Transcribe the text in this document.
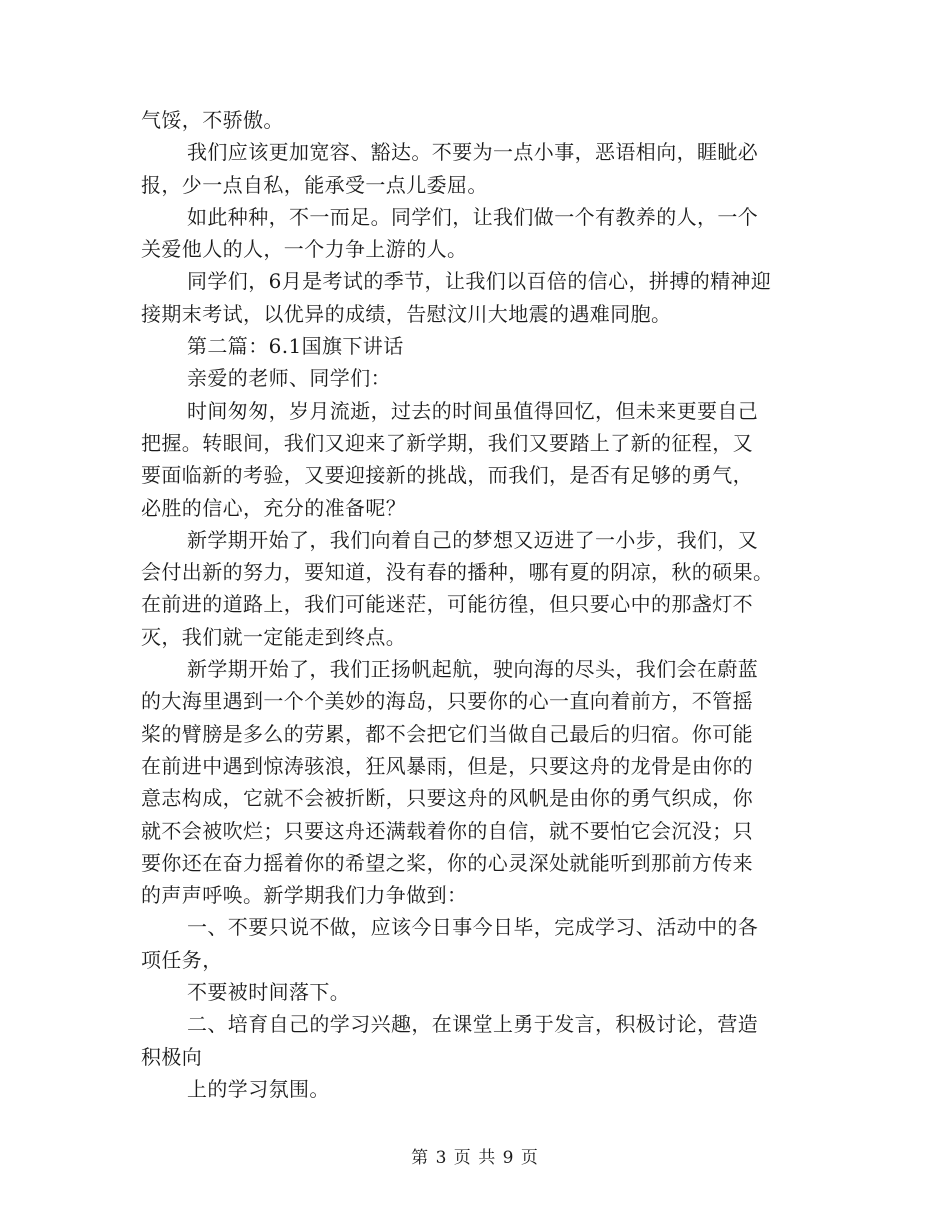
气馁，不骄傲。
我们应该更加宽容、豁达。不要为一点小事，恶语相向，睚眦必
报，少一点自私，能承受一点儿委屈。
如此种种，不一而足。同学们，让我们做一个有教养的人，一个
关爱他人的人，一个力争上游的人。
同学们，6月是考试的季节，让我们以百倍的信心，拼搏的精神迎
接期末考试，以优异的成绩，告慰汶川大地震的遇难同胞。
第二篇：6.1国旗下讲话
亲爱的老师、同学们：
时间匆匆，岁月流逝，过去的时间虽值得回忆，但未来更要自己
把握。转眼间，我们又迎来了新学期，我们又要踏上了新的征程，又
要面临新的考验，又要迎接新的挑战，而我们，是否有足够的勇气，
必胜的信心，充分的准备呢？
新学期开始了，我们向着自己的梦想又迈进了一小步，我们，又
会付出新的努力，要知道，没有春的播种，哪有夏的阴凉，秋的硕果。
在前进的道路上，我们可能迷茫，可能彷徨，但只要心中的那盏灯不
灭，我们就一定能走到终点。
新学期开始了，我们正扬帆起航，驶向海的尽头，我们会在蔚蓝
的大海里遇到一个个美妙的海岛，只要你的心一直向着前方，不管摇
桨的臂膀是多么的劳累，都不会把它们当做自己最后的归宿。你可能
在前进中遇到惊涛骇浪，狂风暴雨，但是，只要这舟的龙骨是由你的
意志构成，它就不会被折断，只要这舟的风帆是由你的勇气织成，你
就不会被吹烂；只要这舟还满载着你的自信，就不要怕它会沉没；只
要你还在奋力摇着你的希望之桨，你的心灵深处就能听到那前方传来
的声声呼唤。新学期我们力争做到：
一、不要只说不做，应该今日事今日毕，完成学习、活动中的各
项任务，
不要被时间落下。
二、培育自己的学习兴趣，在课堂上勇于发言，积极讨论，营造
积极向
上的学习氛围。
第 3 页 共 9 页
